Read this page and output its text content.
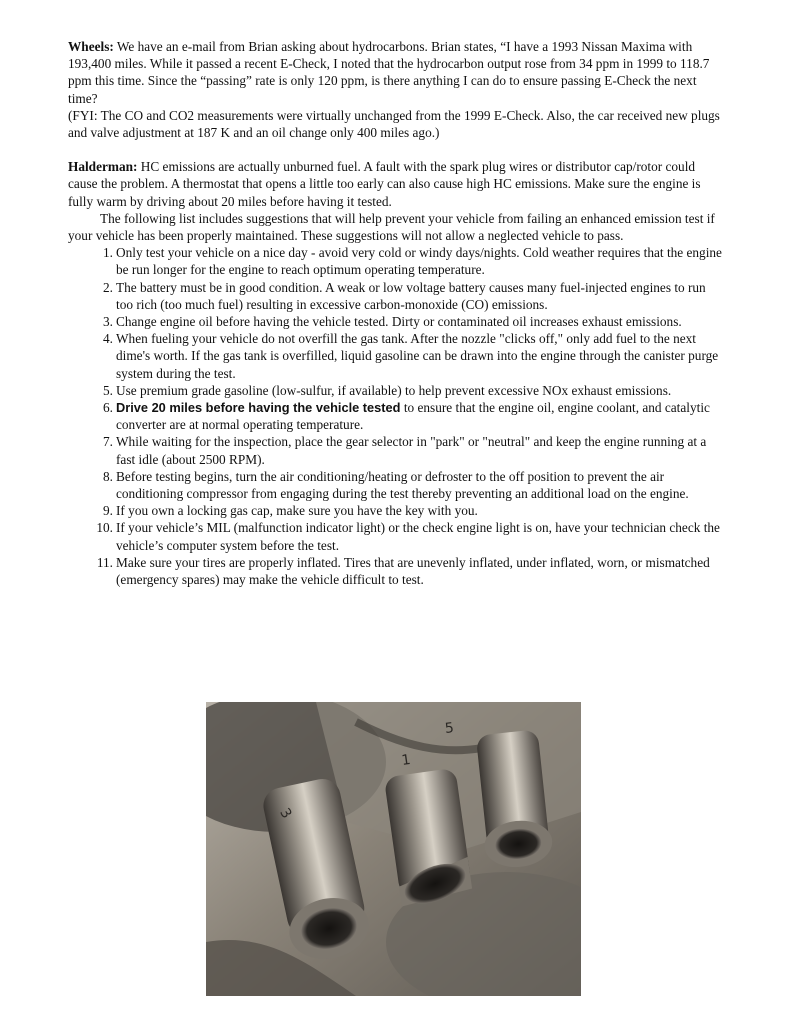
Wheels: We have an e-mail from Brian asking about hydrocarbons. Brian states, “I have a 1993 Nissan Maxima with 193,400 miles. While it passed a recent E-Check, I noted that the hydrocarbon output rose from 34 ppm in 1999 to 118.7 ppm this time. Since the “passing” rate is only 120 ppm, is there anything I can do to ensure passing E-Check the next time?

(FYI: The CO and CO2 measurements were virtually unchanged from the 1999 E-Check. Also, the car received new plugs and valve adjustment at 187 K and an oil change only 400 miles ago.)

Halderman: HC emissions are actually unburned fuel. A fault with the spark plug wires or distributor cap/rotor could cause the problem. A thermostat that opens a little too early can also cause high HC emissions. Make sure the engine is fully warm by driving about 20 miles before having it tested.

The following list includes suggestions that will help prevent your vehicle from failing an enhanced emission test if your vehicle has been properly maintained. These suggestions will not allow a neglected vehicle to pass.

1. Only test your vehicle on a nice day - avoid very cold or windy days/nights. Cold weather requires that the engine be run longer for the engine to reach optimum operating temperature.
2. The battery must be in good condition. A weak or low voltage battery causes many fuel-injected engines to run too rich (too much fuel) resulting in excessive carbon-monoxide (CO) emissions.
3. Change engine oil before having the vehicle tested. Dirty or contaminated oil increases exhaust emissions.
4. When fueling your vehicle do not overfill the gas tank. After the nozzle "clicks off," only add fuel to the next dime's worth. If the gas tank is overfilled, liquid gasoline can be drawn into the engine through the canister purge system during the test.
5. Use premium grade gasoline (low-sulfur, if available) to help prevent excessive NOx exhaust emissions.
6. Drive 20 miles before having the vehicle tested to ensure that the engine oil, engine coolant, and catalytic converter are at normal operating temperature.
7. While waiting for the inspection, place the gear selector in "park" or "neutral" and keep the engine running at a fast idle (about 2500 RPM).
8. Before testing begins, turn the air conditioning/heating or defroster to the off position to prevent the air conditioning compressor from engaging during the test thereby preventing an additional load on the engine.
9. If you own a locking gas cap, make sure you have the key with you.
10. If your vehicle’s MIL (malfunction indicator light) or the check engine light is on, have your technician check the vehicle’s computer system before the test.
11. Make sure your tires are properly inflated. Tires that are unevenly inflated, under inflated, worn, or mismatched (emergency spares) may make the vehicle difficult to test.
3
1
5
